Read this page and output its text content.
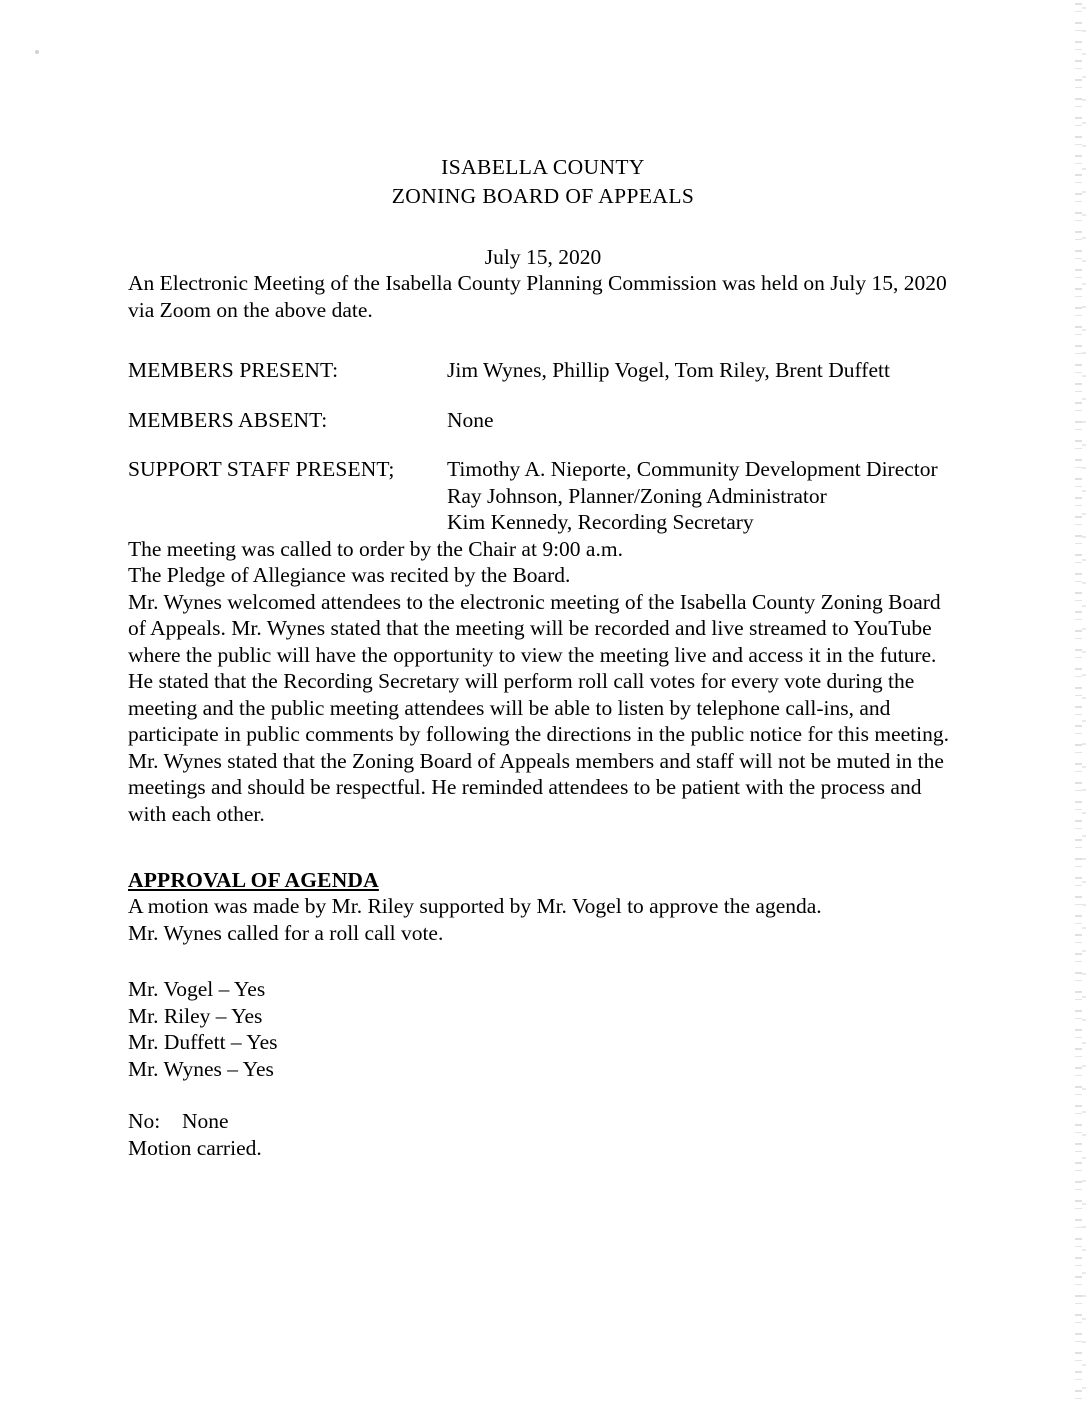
ISABELLA COUNTY
ZONING BOARD OF APPEALS
July 15, 2020

An Electronic Meeting of the Isabella County Planning Commission was held on July 15, 2020 via Zoom on the above date.

MEMBERS PRESENT:	Jim Wynes, Phillip Vogel, Tom Riley, Brent Duffett
MEMBERS ABSENT:	None
SUPPORT STAFF PRESENT;	Timothy A. Nieporte, Community Development Director
Ray Johnson, Planner/Zoning Administrator
Kim Kennedy, Recording Secretary

The meeting was called to order by the Chair at 9:00 a.m.

The Pledge of Allegiance was recited by the Board.

Mr. Wynes welcomed attendees to the electronic meeting of the Isabella County Zoning Board of Appeals. Mr. Wynes stated that the meeting will be recorded and live streamed to YouTube where the public will have the opportunity to view the meeting live and access it in the future. He stated that the Recording Secretary will perform roll call votes for every vote during the meeting and the public meeting attendees will be able to listen by telephone call-ins, and participate in public comments by following the directions in the public notice for this meeting. Mr. Wynes stated that the Zoning Board of Appeals members and staff will not be muted in the meetings and should be respectful. He reminded attendees to be patient with the process and with each other.

APPROVAL OF AGENDA

A motion was made by Mr. Riley supported by Mr. Vogel to approve the agenda.

Mr. Wynes called for a roll call vote.

Mr. Vogel – Yes
Mr. Riley – Yes
Mr. Duffett – Yes
Mr. Wynes – Yes
No:	None

Motion carried.
